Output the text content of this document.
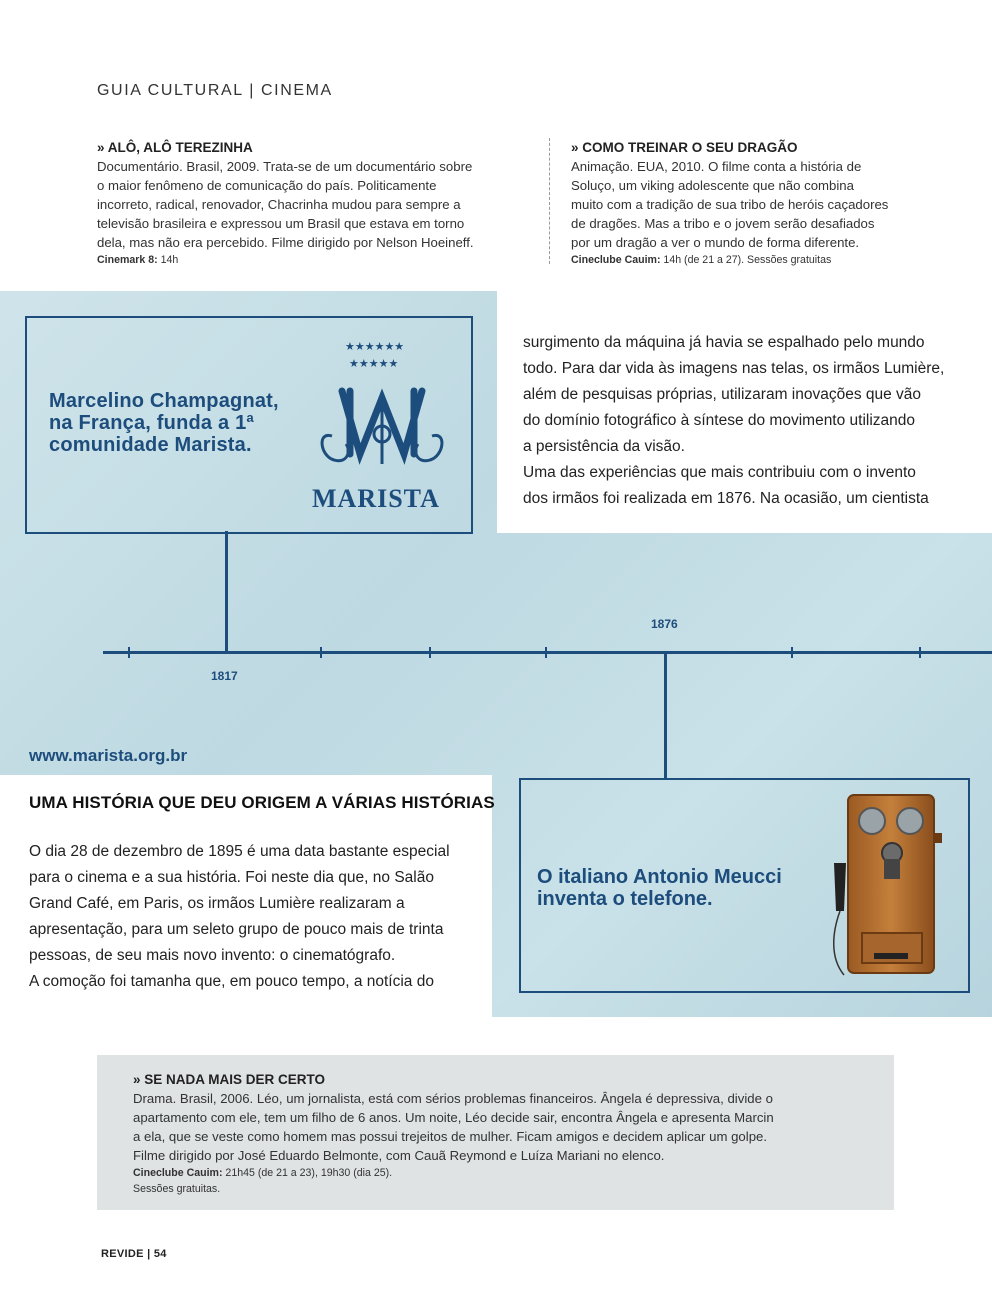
GUIA CULTURAL | CINEMA
» ALÔ, ALÔ TEREZINHA
Documentário. Brasil, 2009. Trata-se de um documentário sobre
o maior fenômeno de comunicação do país. Politicamente
incorreto, radical, renovador, Chacrinha mudou para sempre a
televisão brasileira e expressou um Brasil que estava em torno
dela, mas não era percebido. Filme dirigido por Nelson Hoeineff.
Cinemark 8: 14h
» COMO TREINAR O SEU DRAGÃO
Animação. EUA, 2010. O filme conta a história de
Soluço, um viking adolescente que não combina
muito com a tradição de sua tribo de heróis caçadores
de dragões. Mas a tribo e o jovem serão desafiados
por um dragão a ver o mundo de forma diferente.
Cineclube Cauim: 14h (de 21 a 27). Sessões gratuitas
Marcelino Champagnat,
na França, funda a 1ª
comunidade Marista.
★★★★★★
★★★★★
MARISTA
surgimento da máquina já havia se espalhado pelo mundo
todo. Para dar vida às imagens nas telas, os irmãos Lumière,
além de pesquisas próprias, utilizaram inovações que vão
do domínio fotográfico à síntese do movimento utilizando
a persistência da visão.
Uma das experiências que mais contribuiu com o invento
dos irmãos foi realizada em 1876. Na ocasião, um cientista
1817
1876
www.marista.org.br
UMA HISTÓRIA QUE DEU ORIGEM A VÁRIAS HISTÓRIAS
O dia 28 de dezembro de 1895 é uma data bastante especial
para o cinema e a sua história. Foi neste dia que, no Salão
Grand Café, em Paris, os irmãos Lumière realizaram a
apresentação, para um seleto grupo de pouco mais de trinta
pessoas, de seu mais novo invento: o cinematógrafo.
A comoção foi tamanha que, em pouco tempo, a notícia do
O italiano Antonio Meucci
inventa o telefone.
» SE NADA MAIS DER CERTO
Drama. Brasil, 2006. Léo, um jornalista, está com sérios problemas financeiros. Ângela é depressiva, divide o
apartamento com ele, tem um filho de 6 anos. Um noite, Léo decide sair, encontra Ângela e apresenta Marcin
a ela, que se veste como homem mas possui trejeitos de mulher. Ficam amigos e decidem aplicar um golpe.
Filme dirigido por José Eduardo Belmonte, com Cauã Reymond e Luíza Mariani no elenco.
Cineclube Cauim: 21h45 (de 21 a 23), 19h30 (dia 25).
Sessões gratuitas.
REVIDE | 54
